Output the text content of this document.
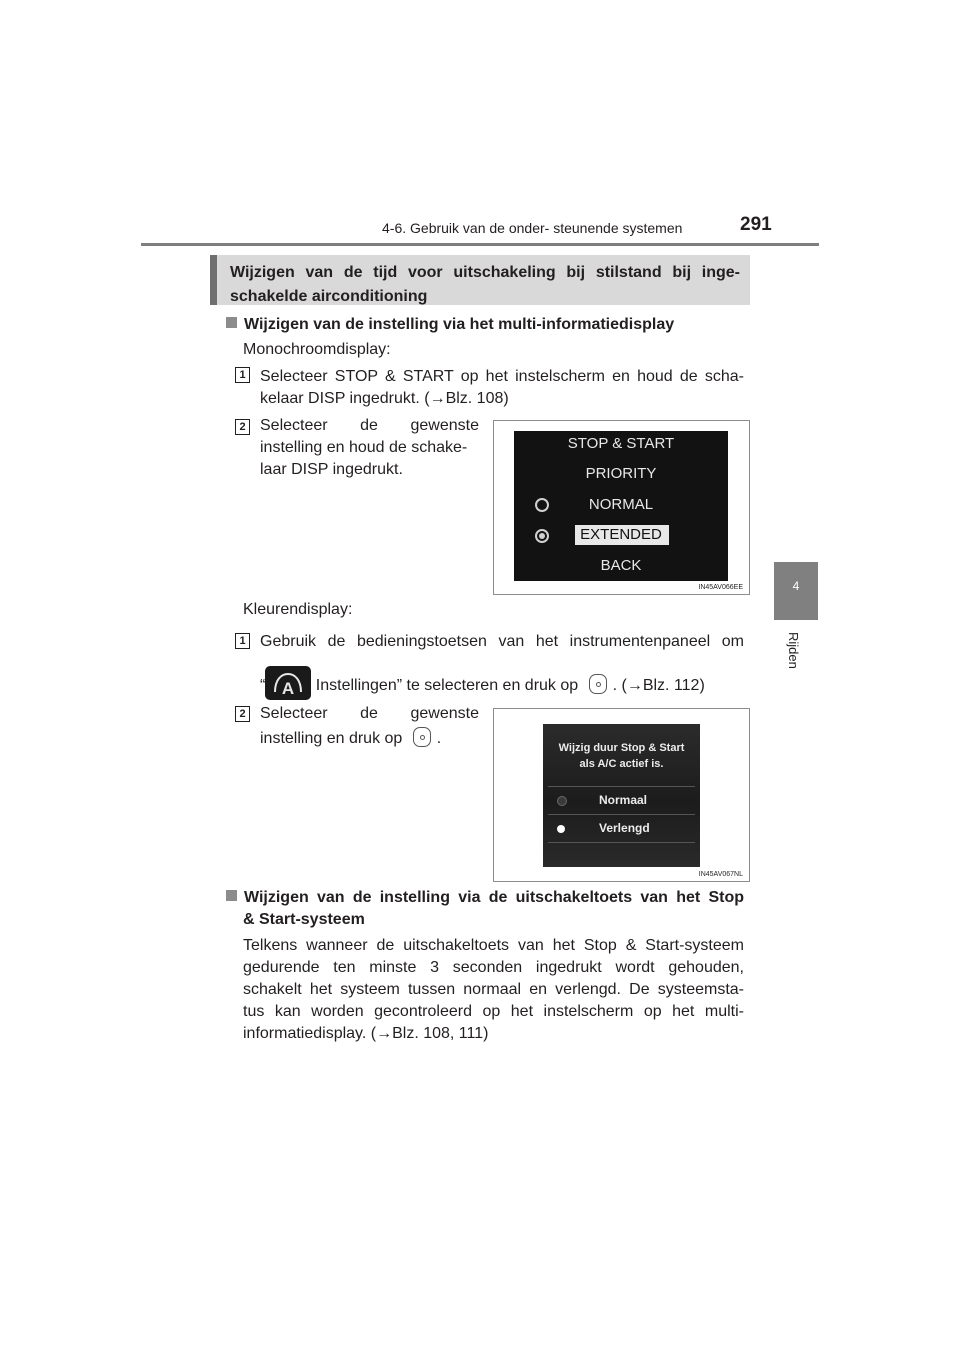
4-6. Gebruik van de onder- steunende systemen	291
4
Rijden
Wijzigen van de tijd voor uitschakeling bij stilstand bij inge-
schakelde airconditioning
Wijzigen van de instelling via het multi-informatiedisplay
Monochroomdisplay:
1 Selecteer STOP & START op het instelscherm en houd de scha-
kelaar DISP ingedrukt. (→Blz. 108)
2 Selecteer de gewenste
instelling en houd de schake-
laar DISP ingedrukt.
STOP & START
PRIORITY
NORMAL
EXTENDED
BACK
IN45AV066EE
Kleurendisplay:
1 Gebruik de bedieningstoetsen van het instrumentenpaneel om
“ A Instellingen” te selecteren en druk op . (→Blz. 112)
2 Selecteer de gewenste
instelling en druk op .
Wijzig duur Stop & Start
als A/C actief is.
Normaal
Verlengd
IN45AV067NL
Wijzigen van de instelling via de uitschakeltoets van het Stop
& Start-systeem
Telkens wanneer de uitschakeltoets van het Stop & Start-systeem
gedurende ten minste 3 seconden ingedrukt wordt gehouden,
schakelt het systeem tussen normaal en verlengd. De systeemsta-
tus kan worden gecontroleerd op het instelscherm op het multi-
informatiedisplay. (→Blz. 108, 111)
